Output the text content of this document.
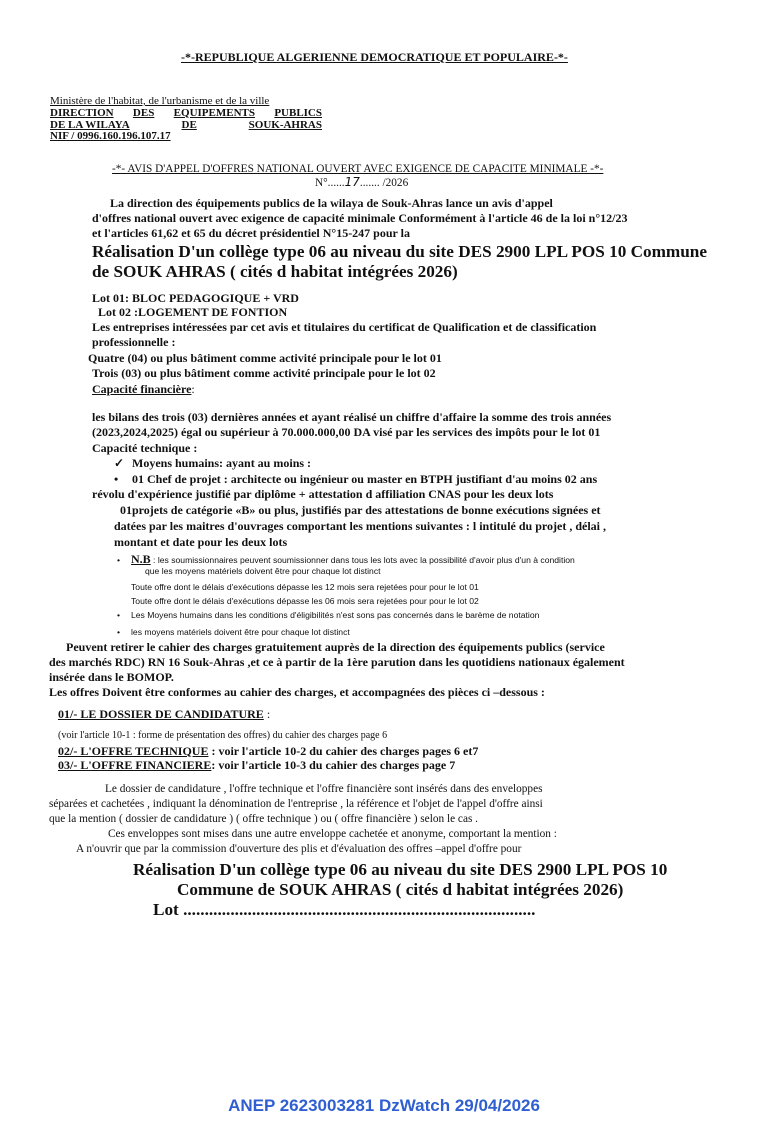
-*-REPUBLIQUE ALGERIENNE DEMOCRATIQUE ET POPULAIRE-*-
Ministère de l'habitat, de l'urbanisme et de la ville
DIRECTION DES EQUIPEMENTS PUBLICS
DE LA WILAYA	DE	SOUK-AHRAS
NIF / 0996.160.196.107.17
-*- AVIS D'APPEL D'OFFRES NATIONAL OUVERT AVEC EXIGENCE DE CAPACITE MINIMALE -*-
N°......17....... /2026
La direction des équipements publics de la wilaya de Souk-Ahras lance un avis d'appel
d'offres national ouvert avec exigence de capacité minimale Conformément à l'article 46 de la loi n°12/23
et l'articles 61,62 et 65 du décret présidentiel N°15-247 pour la
Réalisation D'un collège type 06 au niveau du site DES 2900 LPL POS 10 Commune
de SOUK AHRAS ( cités d habitat intégrées 2026)
Lot 01: BLOC PEDAGOGIQUE + VRD
Lot 02 :LOGEMENT DE FONTION
Les entreprises intéressées par cet avis et titulaires du certificat de Qualification et de classification
professionnelle :
Quatre (04) ou plus bâtiment comme activité principale pour le lot 01
Trois (03) ou plus bâtiment comme activité principale pour le lot 02
Capacité financière:
les bilans des trois (03) dernières années et ayant réalisé un chiffre d'affaire la somme des trois années
(2023,2024,2025) égal ou supérieur à 70.000.000,00 DA visé par les services des impôts pour le lot 01
Capacité technique :
✓ Moyens humains: ayant au moins :
• 01 Chef de projet : architecte ou ingénieur ou master en BTPH justifiant d'au moins 02 ans
révolu d'expérience justifié par diplôme + attestation d affiliation CNAS pour les deux lots
01projets de catégorie «B» ou plus, justifiés par des attestations de bonne exécutions signées et
datées par les maitres d'ouvrages comportant les mentions suivantes : l intitulé du projet , délai ,
montant et date pour les deux lots
• N.B : les soumissionnaires peuvent soumissionner dans tous les lots avec la possibilité d'avoir plus d'un à condition
que les moyens matériels doivent être pour chaque lot distinct
Toute offre dont le délais d'exécutions dépasse les 12 mois sera rejetées pour pour le lot 01
Toute offre dont le délais d'exécutions dépasse les 06 mois sera rejetées pour pour le lot 02
• Les Moyens humains dans les conditions d'éligibilités n'est sons pas concernés dans le barème de notation
• les moyens matériels doivent être pour chaque lot distinct
Peuvent retirer le cahier des charges gratuitement auprès de la direction des équipements publics (service
des marchés RDC) RN 16 Souk-Ahras ,et ce à partir de la 1ère parution dans les quotidiens nationaux également
insérée dans le BOMOP.
Les offres Doivent être conformes au cahier des charges, et accompagnées des pièces ci –dessous :
01/- LE DOSSIER DE CANDIDATURE :
(voir l'article 10-1 : forme de présentation des offres) du cahier des charges page 6
02/- L'OFFRE TECHNIQUE : voir l'article 10-2 du cahier des charges pages 6 et7
03/- L'OFFRE FINANCIERE: voir l'article 10-3 du cahier des charges page 7
Le dossier de candidature , l'offre technique et l'offre financière sont insérés dans des enveloppes
séparées et cachetées , indiquant la dénomination de l'entreprise , la référence et l'objet de l'appel d'offre ainsi
que la mention ( dossier de candidature ) ( offre technique ) ou ( offre financière ) selon le cas .
Ces enveloppes sont mises dans une autre enveloppe cachetée et anonyme, comportant la mention :
A n'ouvrir que par la commission d'ouverture des plis et d'évaluation des offres –appel d'offre pour
Réalisation D'un collège type 06 au niveau du site DES 2900 LPL POS 10
Commune de SOUK AHRAS ( cités d habitat intégrées 2026)
Lot ..................................................................................
ANEP 2623003281 DzWatch 29/04/2026
